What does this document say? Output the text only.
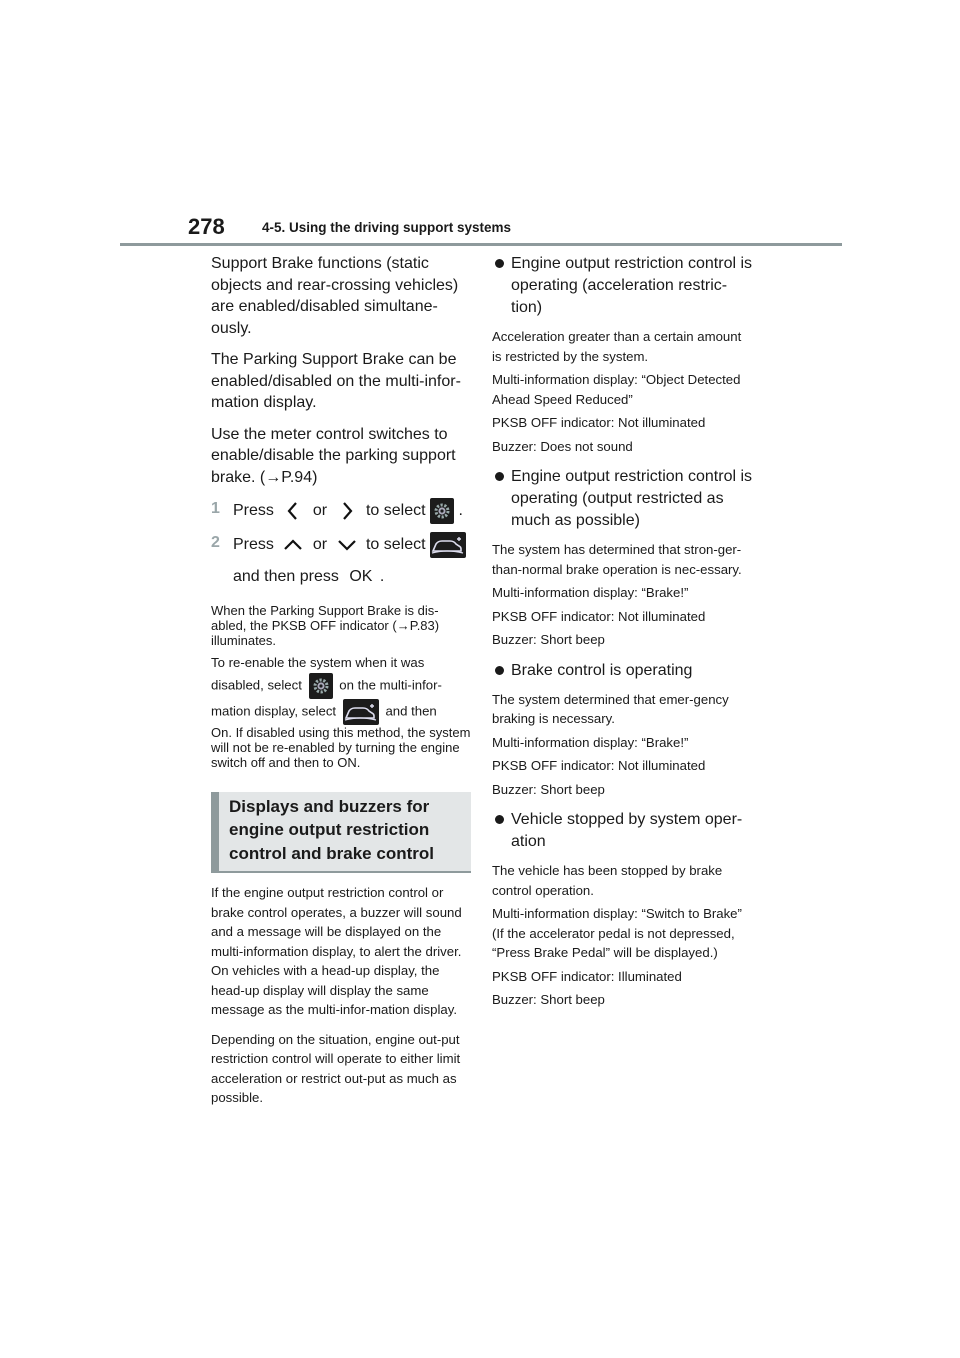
278	4-5. Using the driving support systems

Support Brake functions (static objects and rear-crossing vehicles) are enabled/disabled simultane-ously.

The Parking Support Brake can be enabled/disabled on the multi-infor-mation display.

Use the meter control switches to enable/disable the parking support brake. (→P.94)

1 Press or to select .
2 Press or to select
and then press OK .

When the Parking Support Brake is dis-abled, the PKSB OFF indicator (→P.83) illuminates.

To re-enable the system when it was disabled, select	on the multi-infor-mation display, select	and then

On. If disabled using this method, the system will not be re-enabled by turning the engine switch off and then to ON.

Displays and buzzers for engine output restriction control and brake control

If the engine output restriction control or brake control operates, a buzzer will sound and a message will be displayed on the multi-information display, to alert the driver. On vehicles with a head-up display, the head-up display will display the same message as the multi-infor-mation display.

Depending on the situation, engine out-put restriction control will operate to either limit acceleration or restrict out-put as much as possible.

Engine output restriction control is operating (acceleration restric-tion)

Acceleration greater than a certain amount is restricted by the system.

Multi-information display: “Object Detected Ahead Speed Reduced”

PKSB OFF indicator: Not illuminated

Buzzer: Does not sound

Engine output restriction control is operating (output restricted as much as possible)

The system has determined that stron-ger-than-normal brake operation is nec-essary.

Multi-information display: “Brake!”

PKSB OFF indicator: Not illuminated

Buzzer: Short beep

Brake control is operating

The system determined that emer-gency braking is necessary.

Multi-information display: “Brake!”

PKSB OFF indicator: Not illuminated

Buzzer: Short beep

Vehicle stopped by system oper-ation

The vehicle has been stopped by brake control operation.

Multi-information display: “Switch to Brake” (If the accelerator pedal is not depressed, “Press Brake Pedal” will be displayed.)

PKSB OFF indicator: Illuminated

Buzzer: Short beep
